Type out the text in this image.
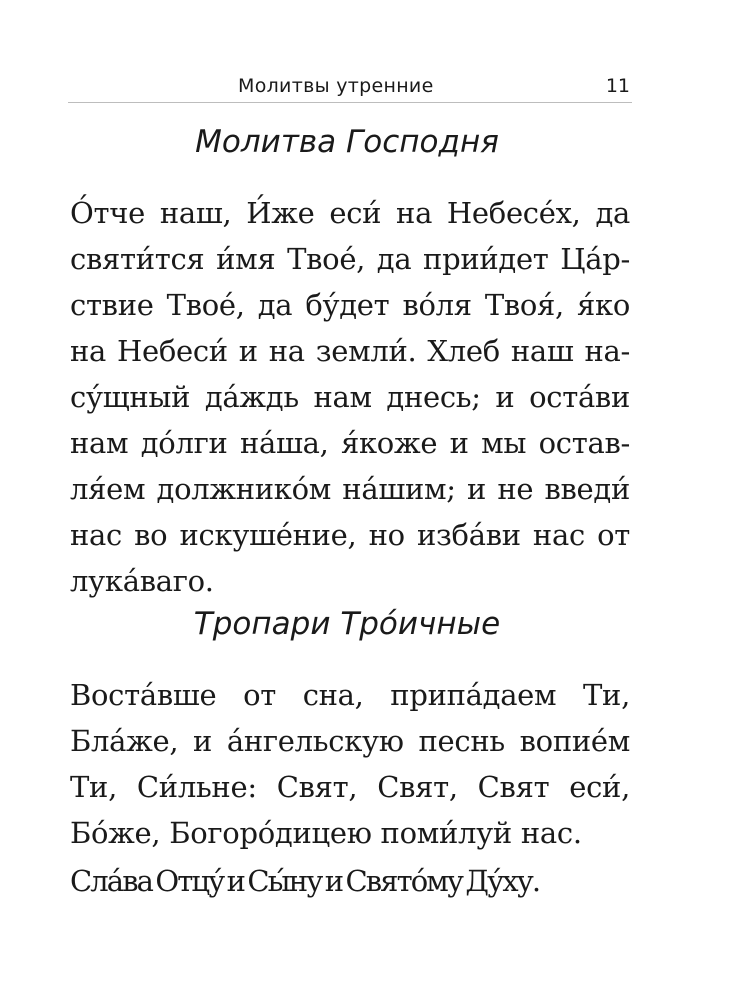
Молитвы утренние	11
Молитва Господня
О́тче наш, И́же еси́ на Небесе́х, да
святи́тся и́мя Твое́, да прии́дет Ца́р-
ствие Твое́, да бу́дет во́ля Твоя́, я́ко
на Небеси́ и на земли́. Хлеб наш на-
су́щный да́ждь нам днесь; и оста́ви
нам до́лги на́ша, я́коже и мы остав-
ля́ем должнико́м на́шим; и не введи́
нас во искуше́ние, но изба́ви нас от
лука́ваго.
Тропари Тро́ичные
Воста́вше от сна, припа́даем Ти,
Бла́же, и а́нгельскую песнь вопие́м
Ти, Си́льне: Свят, Свят, Свят еси́,
Бо́же, Богоро́дицею поми́луй нас.
Сла́ва Отцу́ и Сы́ну и Свято́му Ду́ху.
